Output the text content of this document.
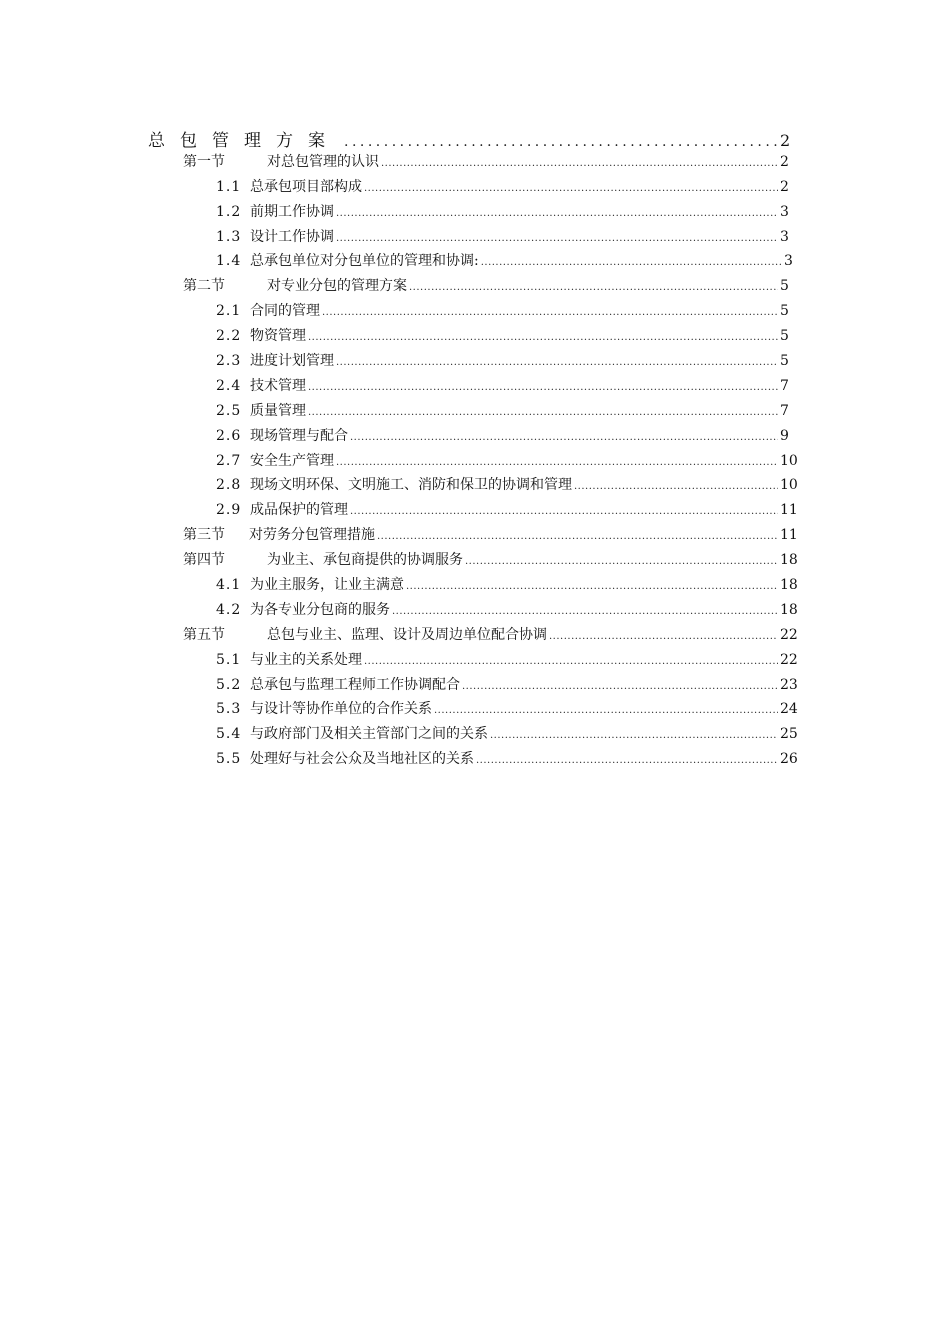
总包管理方案 .....	2
第一节	对总包管理的认识 .....	2
1.1 总承包项目部构成 .....	2
1.2 前期工作协调 .....	3
1.3 设计工作协调 .....	3
1.4 总承包单位对分包单位的管理和协调: .....	3
第二节	对专业分包的管理方案 .....	5
2.1 合同的管理 .....	5
2.2 物资管理 .....	5
2.3 进度计划管理 .....	5
2.4 技术管理 .....	7
2.5 质量管理 .....	7
2.6 现场管理与配合 .....	9
2.7 安全生产管理 .....	10
2.8 现场文明环保、文明施工、消防和保卫的协调和管理 .....	10
2.9 成品保护的管理 .....	11
第三节	对劳务分包管理措施 .....	11
第四节	为业主、承包商提供的协调服务 .....	18
4.1 为业主服务，让业主满意 .....	18
4.2 为各专业分包商的服务 .....	18
第五节	总包与业主、监理、设计及周边单位配合协调 .....	22
5.1 与业主的关系处理 .....	22
5.2 总承包与监理工程师工作协调配合 .....	23
5.3 与设计等协作单位的合作关系 .....	24
5.4 与政府部门及相关主管部门之间的关系 .....	25
5.5 处理好与社会公众及当地社区的关系 .....	26
